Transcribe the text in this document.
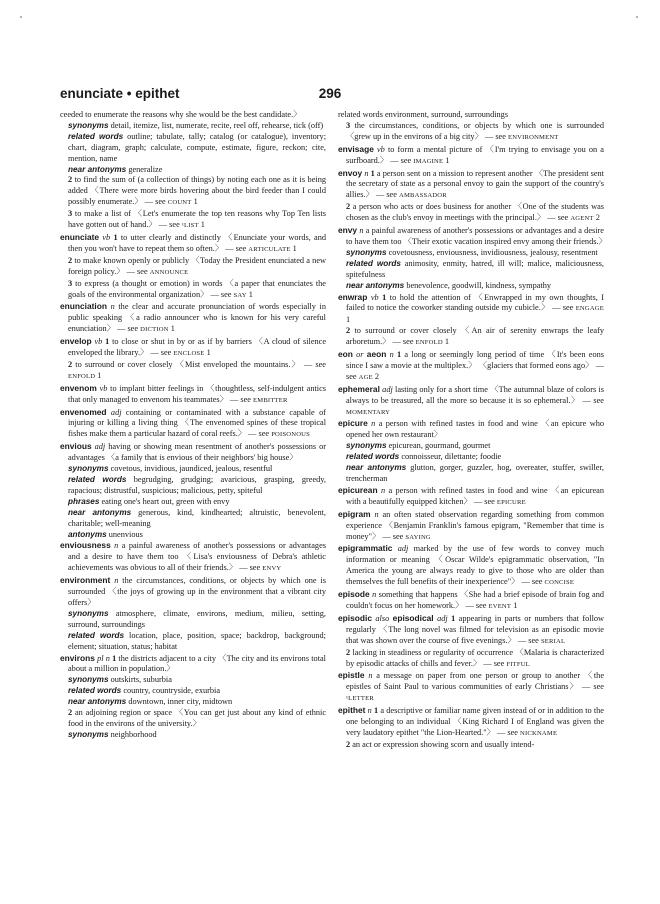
enunciate • epithet	296

ceeded to enumerate the reasons why she would be the best candidate.〉

synonyms detail, itemize, list, numerate, recite, reel off, rehearse, tick (off)

related words outline; tabulate, tally; catalog (or catalogue), inventory; chart, diagram, graph; calculate, compute, estimate, figure, reckon; cite, mention, name

near antonyms generalize

2 to find the sum of (a collection of things) by noting each one as it is being added 〈There were more birds hovering about the bird feeder than I could possibly enumerate.〉 — see COUNT 1

3 to make a list of 〈Let's enumerate the top ten reasons why Top Ten lists have gotten out of hand.〉 — see ¹LIST 1

enunciate vb 1 to utter clearly and distinctly 〈Enunciate your words, and then you won't have to repeat them so often.〉 — see ARTICULATE 1

2 to make known openly or publicly 〈Today the President enunciated a new foreign policy.〉 — see ANNOUNCE

3 to express (a thought or emotion) in words 〈a paper that enunciates the goals of the environmental organization〉 — see SAY 1

enunciation n the clear and accurate pronunciation of words especially in public speaking 〈a radio announcer who is known for his very careful enunciation〉 — see DICTION 1

envelop vb 1 to close or shut in by or as if by barriers 〈A cloud of silence enveloped the library.〉 — see ENCLOSE 1

2 to surround or cover closely 〈Mist enveloped the mountains.〉 — see ENFOLD 1

envenom vb to implant bitter feelings in 〈thoughtless, self-indulgent antics that only managed to envenom his teammates〉 — see EMBITTER

envenomed adj containing or contaminated with a substance capable of injuring or killing a living thing 〈The envenomed spines of these tropical fishes make them a particular hazard of coral reefs.〉 — see POISONOUS

envious adj having or showing mean resentment of another's possessions or advantages 〈a family that is envious of their neighbors' big house〉

synonyms covetous, invidious, jaundiced, jealous, resentful

related words begrudging, grudging; avaricious, grasping, greedy, rapacious; distrustful, suspicious; malicious, petty, spiteful

phrases eating one's heart out, green with envy

near antonyms generous, kind, kindhearted; altruistic, benevolent, charitable; well-meaning

antonyms unenvious

enviousness n a painful awareness of another's possessions or advantages and a desire to have them too 〈Lisa's enviousness of Debra's athletic achievements was obvious to all of their friends.〉 — see ENVY

environment n the circumstances, conditions, or objects by which one is surrounded 〈the joys of growing up in the environment that a vibrant city offers〉

synonyms atmosphere, climate, environs, medium, milieu, setting, surround, surroundings

related words location, place, position, space; backdrop, background; element; situation, status; habitat

environs pl n 1 the districts adjacent to a city 〈The city and its environs total about a million in population.〉

synonyms outskirts, suburbia

related words country, countryside, exurbia

near antonyms downtown, inner city, midtown

2 an adjoining region or space 〈You can get just about any kind of ethnic food in the environs of the university.〉

synonyms neighborhood

related words environment, surround, surroundings

3 the circumstances, conditions, or objects by which one is surrounded 〈grew up in the environs of a big city〉 — see ENVIRONMENT

envisage vb to form a mental picture of 〈I'm trying to envisage you on a surfboard.〉 — see IMAGINE 1

envoy n 1 a person sent on a mission to represent another 〈The president sent the secretary of state as a personal envoy to gain the support of the country's allies.〉 — see AMBASSADOR

2 a person who acts or does business for another 〈One of the students was chosen as the club's envoy in meetings with the principal.〉 — see AGENT 2

envy n a painful awareness of another's possessions or advantages and a desire to have them too 〈Their exotic vacation inspired envy among their friends.〉

synonyms covetousness, enviousness, invidiousness, jealousy, resentment

related words animosity, enmity, hatred, ill will; malice, maliciousness, spitefulness

near antonyms benevolence, goodwill, kindness, sympathy

enwrap vb 1 to hold the attention of 〈Enwrapped in my own thoughts, I failed to notice the coworker standing outside my cubicle.〉 — see ENGAGE 1

2 to surround or cover closely 〈An air of serenity enwraps the leafy arboretum.〉 — see ENFOLD 1

eon or aeon n 1 a long or seemingly long period of time 〈It's been eons since I saw a movie at the multiplex.〉 〈glaciers that formed eons ago〉 — see AGE 2

ephemeral adj lasting only for a short time 〈The autumnal blaze of colors is always to be treasured, all the more so because it is so ephemeral.〉 — see MOMENTARY

epicure n a person with refined tastes in food and wine 〈an epicure who opened her own restaurant〉

synonyms epicurean, gourmand, gourmet

related words connoisseur, dilettante; foodie

near antonyms glutton, gorger, guzzler, hog, overeater, stuffer, swiller, trencherman

epicurean n a person with refined tastes in food and wine 〈an epicurean with a beautifully equipped kitchen〉 — see EPICURE

epigram n an often stated observation regarding something from common experience 〈Benjamin Franklin's famous epigram, "Remember that time is money"〉 — see SAYING

epigrammatic adj marked by the use of few words to convey much information or meaning 〈Oscar Wilde's epigrammatic observation, "In America the young are always ready to give to those who are older than themselves the full benefits of their inexperience"〉 — see CONCISE

episode n something that happens 〈She had a brief episode of brain fog and couldn't focus on her homework.〉 — see EVENT 1

episodic also episodical adj 1 appearing in parts or numbers that follow regularly 〈The long novel was filmed for television as an episodic movie that was shown over the course of five evenings.〉 — see SERIAL

2 lacking in steadiness or regularity of occurrence 〈Malaria is characterized by episodic attacks of chills and fever.〉 — see FITFUL

epistle n a message on paper from one person or group to another 〈the epistles of Saint Paul to various communities of early Christians〉 — see ¹LETTER

epithet n 1 a descriptive or familiar name given instead of or in addition to the one belonging to an individual 〈King Richard I of England was given the very laudatory epithet "the Lion-Hearted."〉 — see NICKNAME

2 an act or expression showing scorn and usually intend-
